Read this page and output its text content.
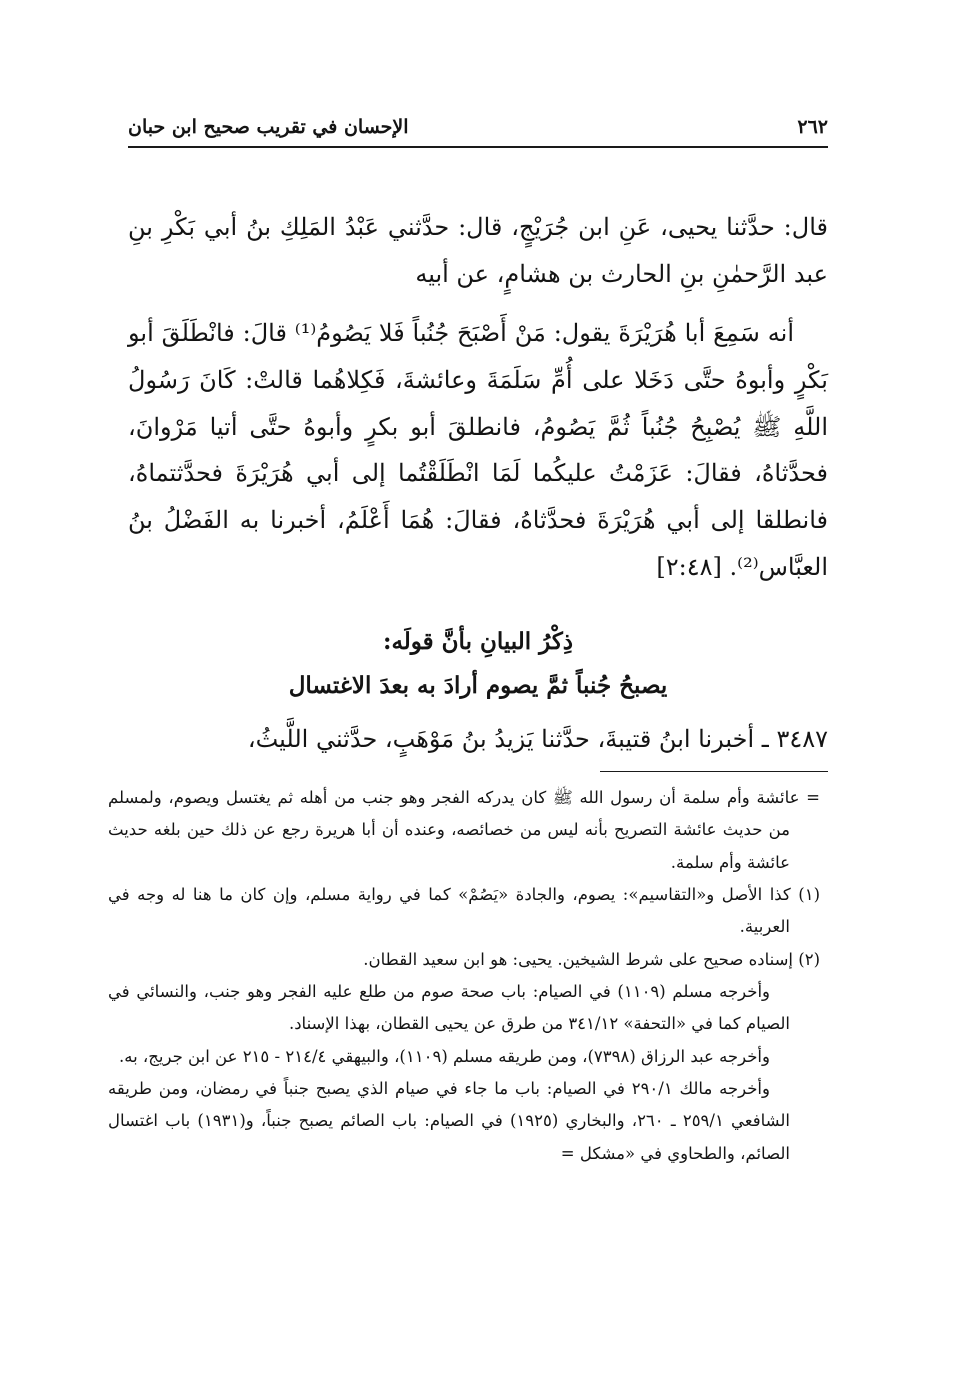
٢٦٢
الإحسان في تقريب صحيح ابن حبان

قال: حدَّثنا يحيى، عَنِ ابن جُرَيْجٍ، قال: حدَّثني عَبْدُ المَلِكِ بنُ أبي بَكْرِ بنِ عبد الرَّحمٰنِ بنِ الحارث بن هشامٍ، عن أبيه

أنه سَمِعَ أبا هُرَيْرَةَ يقول: مَنْ أَصْبَحَ جُنُباً فَلا يَصُومُ⁽¹⁾ قالَ: فانْطَلَقَ أبو بَكْرٍ وأبوهُ حتَّى دَخَلا على أُمِّ سَلَمَةَ وعائشةَ، فَكِلاهُما قالتْ: كَانَ رَسُولُ اللَّهِ ﷺ يُصْبِحُ جُنُباً ثُمَّ يَصُومُ، فانطلقَ أبو بكرٍ وأبوهُ حتَّى أتيا مَرْوانَ، فحدَّثاهُ، فقالَ: عَزَمْتُ عليكُما لَمَا انْطَلَقْتُما إلى أبي هُرَيْرَةَ فحدَّثتماهُ، فانطلقا إلى أبي هُرَيْرَةَ فحدَّثاهُ، فقالَ: هُمَا أَعْلَمُ، أخبرنا به الفَضْلُ بنُ العبَّاس⁽²⁾. [٢:٤٨]

ذِكْرُ البيانِ بأنَّ قولَه:
يصبحُ جُنباً ثمَّ يصوم أرادَ به بعدَ الاغتسال
٣٤٨٧ ـ أخبرنا ابنُ قتيبةَ، حدَّثنا يَزيدُ بنُ مَوْهَبٍ، حدَّثني اللَّيثُ،

= عائشة وأم سلمة أن رسول الله ﷺ كان يدركه الفجر وهو جنب من أهله ثم يغتسل ويصوم، ولمسلم من حديث عائشة التصريح بأنه ليس من خصائصه، وعنده أن أبا هريرة رجع عن ذلك حين بلغه حديث عائشة وأم سلمة.

(١) كذا الأصل و«التقاسيم»: يصوم، والجادة «يَصُمْ» كما في رواية مسلم، وإن كان ما هنا له وجه في العربية.

(٢) إسناده صحيح على شرط الشيخين. يحيى: هو ابن سعيد القطان.

وأخرجه مسلم (١١٠٩) في الصيام: باب صحة صوم من طلع عليه الفجر وهو جنب، والنسائي في الصيام كما في «التحفة» ٣٤١/١٢ من طرق عن يحيى القطان، بهذا الإسناد.

وأخرجه عبد الرزاق (٧٣٩٨)، ومن طريقه مسلم (١١٠٩)، والبيهقي ٢١٤/٤ - ٢١٥ عن ابن جريج، به.

وأخرجه مالك ٢٩٠/١ في الصيام: باب ما جاء في صيام الذي يصبح جنباً في رمضان، ومن طريقه الشافعي ٢٥٩/١ ـ ٢٦٠، والبخاري (١٩٢٥) في الصيام: باب الصائم يصبح جنباً، و(١٩٣١) باب اغتسال الصائم، والطحاوي في «مشكل =
